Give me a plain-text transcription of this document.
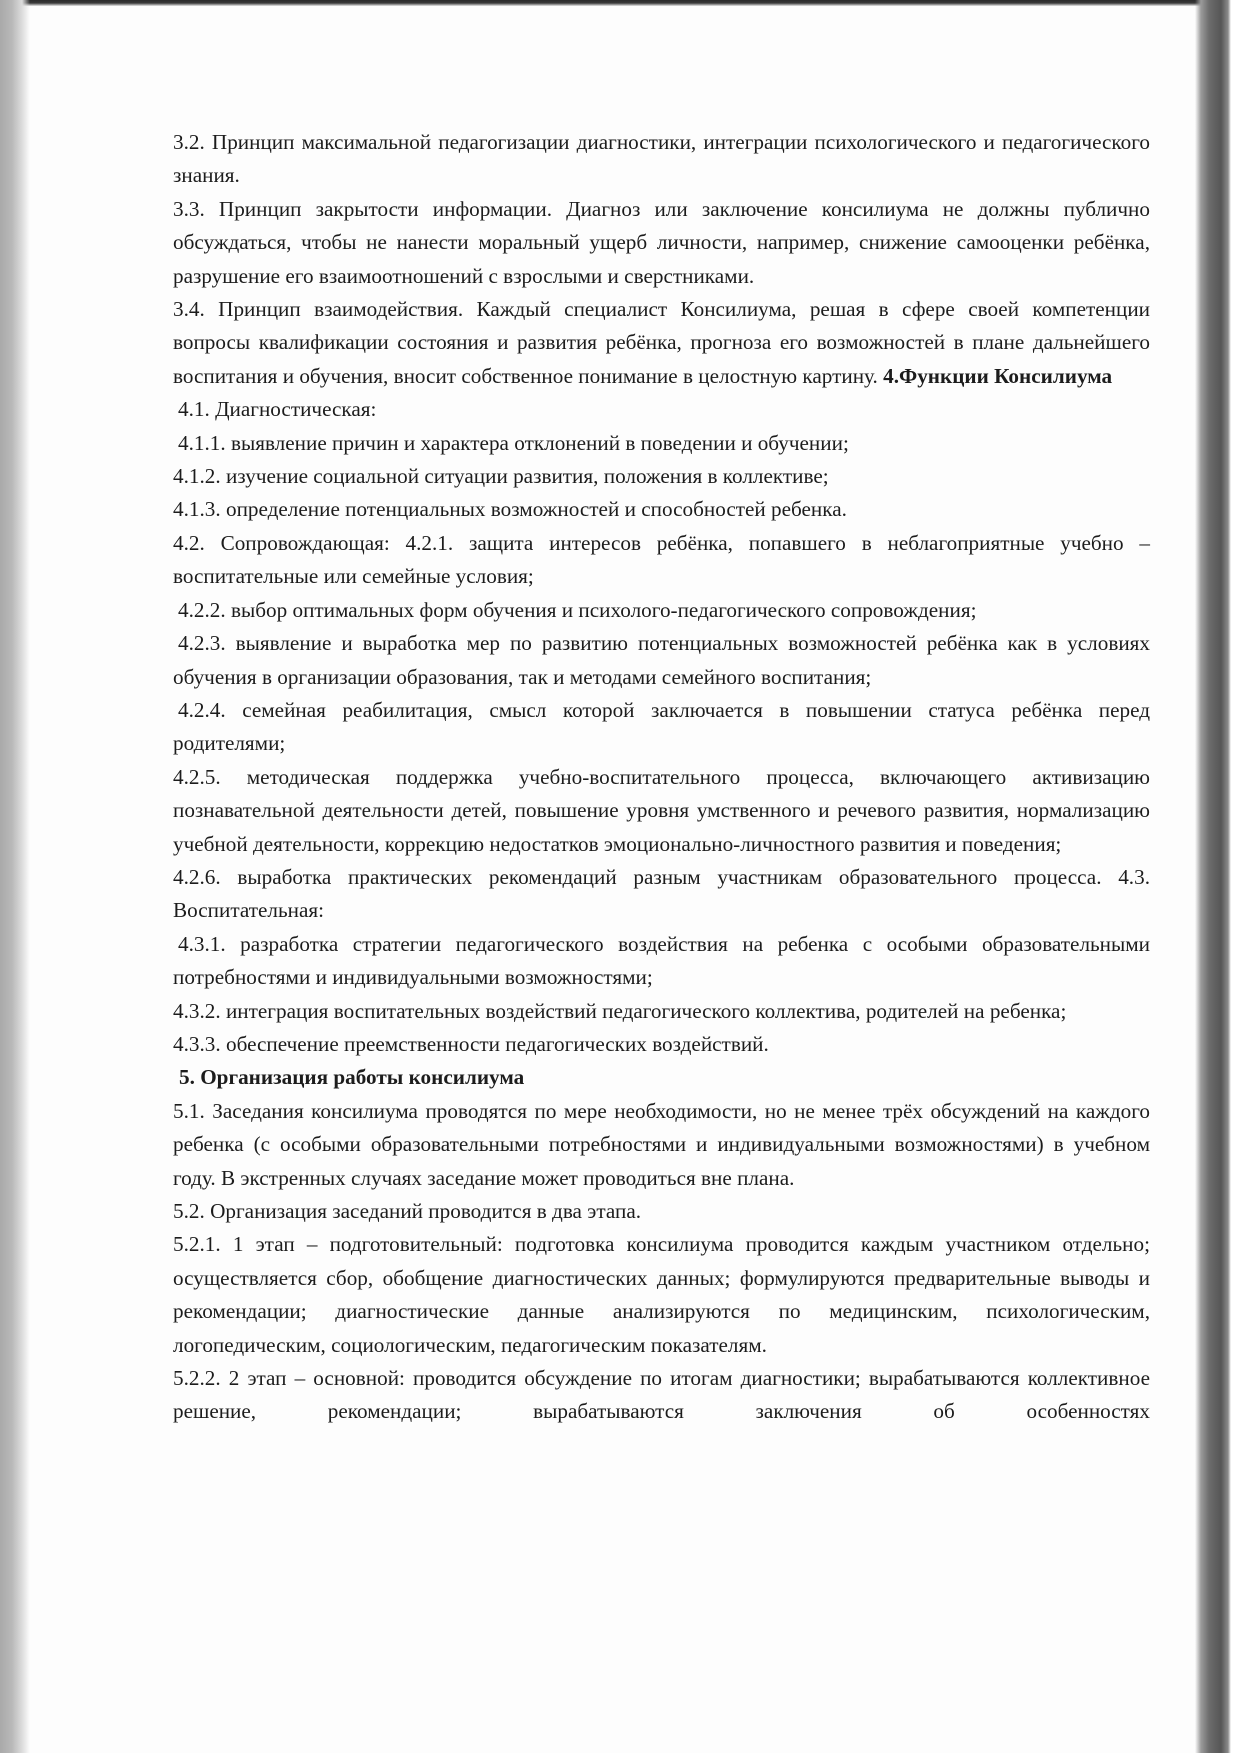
3.2. Принцип максимальной педагогизации диагностики, интеграции психологического и педагогического знания.

3.3. Принцип закрытости информации. Диагноз или заключение консилиума не должны публично обсуждаться, чтобы не нанести моральный ущерб личности, например, снижение самооценки ребёнка, разрушение его взаимоотношений с взрослыми и сверстниками.

3.4. Принцип взаимодействия. Каждый специалист Консилиума, решая в сфере своей компетенции вопросы квалификации состояния и развития ребёнка, прогноза его возможностей в плане дальнейшего воспитания и обучения, вносит собственное понимание в целостную картину. 4.Функции Консилиума

4.1. Диагностическая:

4.1.1. выявление причин и характера отклонений в поведении и обучении;

4.1.2. изучение социальной ситуации развития, положения в коллективе;

4.1.3. определение потенциальных возможностей и способностей ребенка.

4.2. Сопровождающая: 4.2.1. защита интересов ребёнка, попавшего в неблагоприятные учебно – воспитательные или семейные условия;

4.2.2. выбор оптимальных форм обучения и психолого-педагогического сопровождения;

4.2.3. выявление и выработка мер по развитию потенциальных возможностей ребёнка как в условиях обучения в организации образования, так и методами семейного воспитания;

4.2.4. семейная реабилитация, смысл которой заключается в повышении статуса ребёнка перед родителями;

4.2.5. методическая поддержка учебно-воспитательного процесса, включающего активизацию познавательной деятельности детей, повышение уровня умственного и речевого развития, нормализацию учебной деятельности, коррекцию недостатков эмоционально-личностного развития и поведения;

4.2.6. выработка практических рекомендаций разным участникам образовательного процесса. 4.3. Воспитательная:

4.3.1. разработка стратегии педагогического воздействия на ребенка с особыми образовательными потребностями и индивидуальными возможностями;

4.3.2. интеграция воспитательных воздействий педагогического коллектива, родителей на ребенка;

4.3.3. обеспечение преемственности педагогических воздействий.

5. Организация работы консилиума

5.1. Заседания консилиума проводятся по мере необходимости, но не менее трёх обсуждений на каждого ребенка (с особыми образовательными потребностями и индивидуальными возможностями) в учебном году. В экстренных случаях заседание может проводиться вне плана.

5.2. Организация заседаний проводится в два этапа.

5.2.1. 1 этап – подготовительный: подготовка консилиума проводится каждым участником отдельно; осуществляется сбор, обобщение диагностических данных; формулируются предварительные выводы и рекомендации; диагностические данные анализируются по медицинским, психологическим, логопедическим, социологическим, педагогическим показателям.

5.2.2. 2 этап – основной: проводится обсуждение по итогам диагностики; вырабатываются коллективное решение, рекомендации; вырабатываются заключения об особенностях
